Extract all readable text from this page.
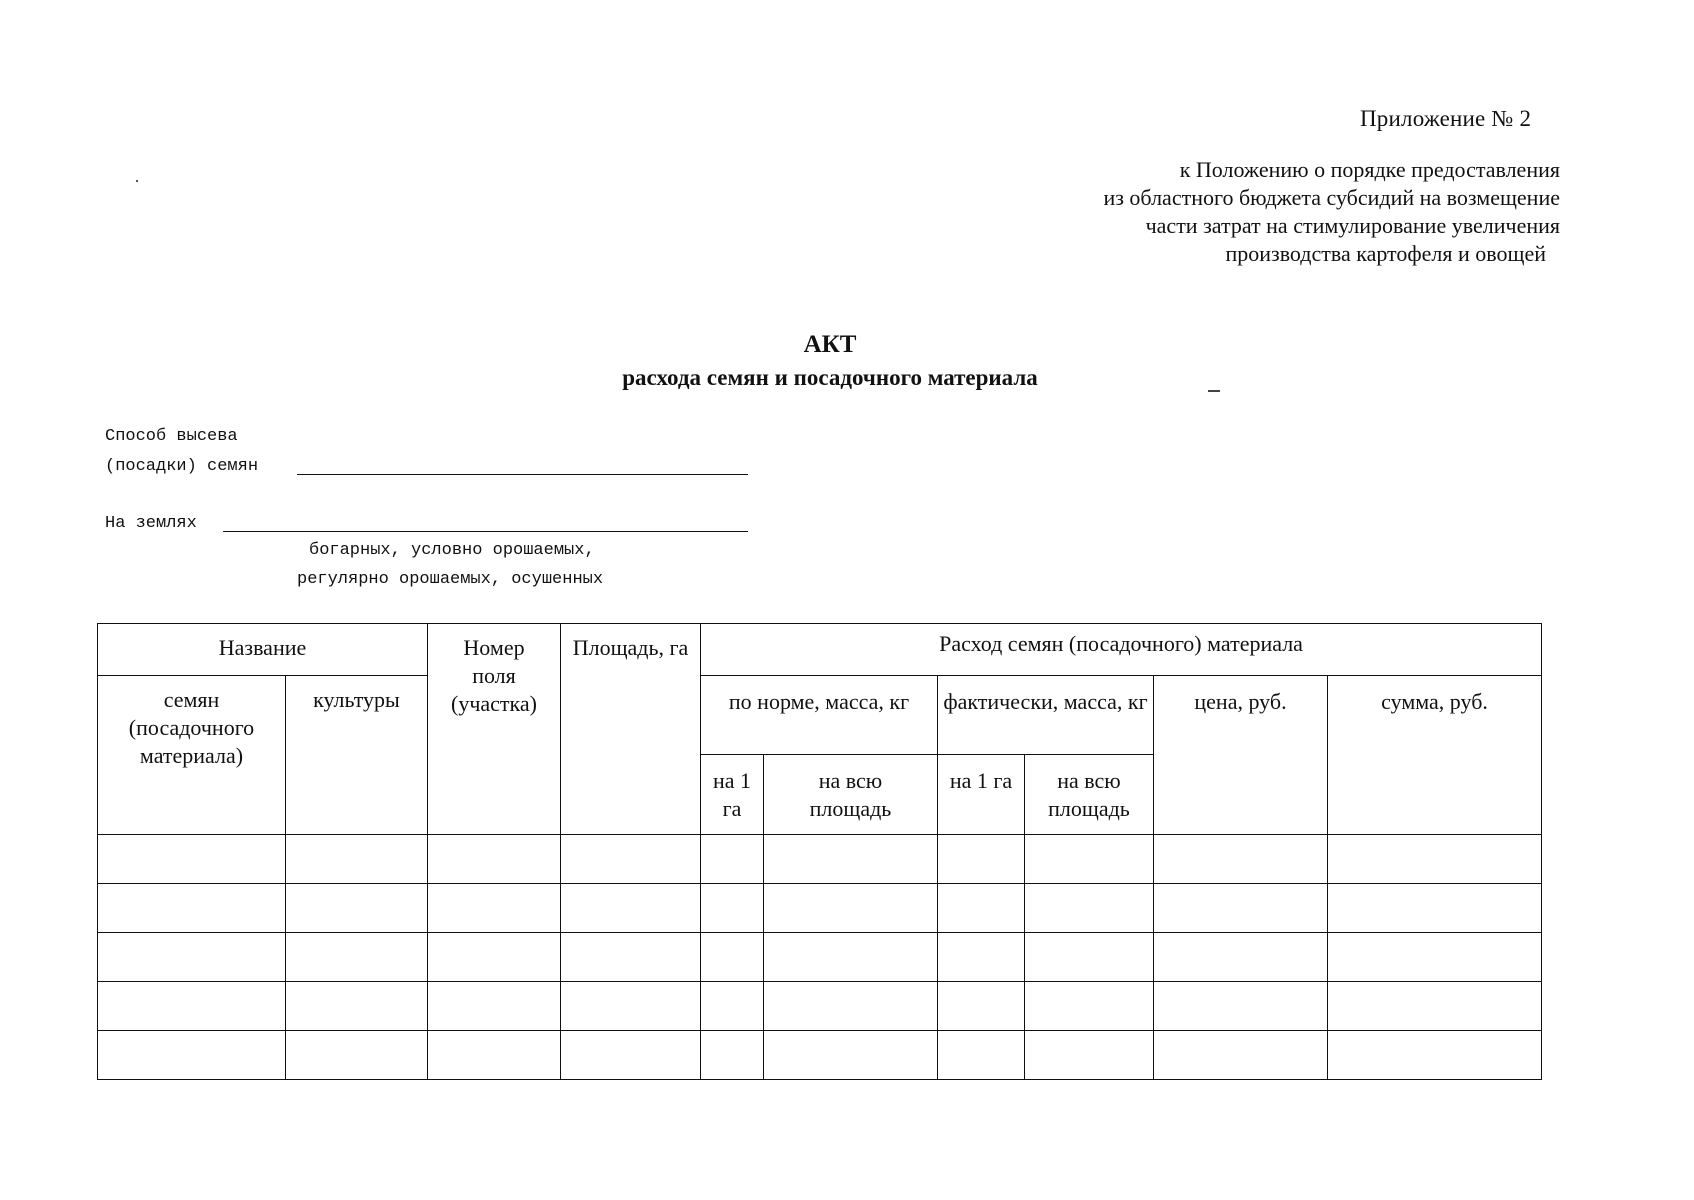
Приложение № 2
к Положению о порядке предоставления
из областного бюджета субсидий на возмещение
части затрат на стимулирование увеличения
производства картофеля и овощей
АКТ
расхода семян и посадочного материала
Способ высева
(посадки) семян
На землях
богарных, условно орошаемых,
регулярно орошаемых, осушенных
Название		Номер поля (участка)	Площадь, га	Расход семян (посадочного) материала					
семян (посадочного материала)	культуры			по норме, масса, кг		фактически, масса, кг		цена, руб.	сумма, руб.
				на 1 га	на всю площадь	на 1 га	на всю площадь		
